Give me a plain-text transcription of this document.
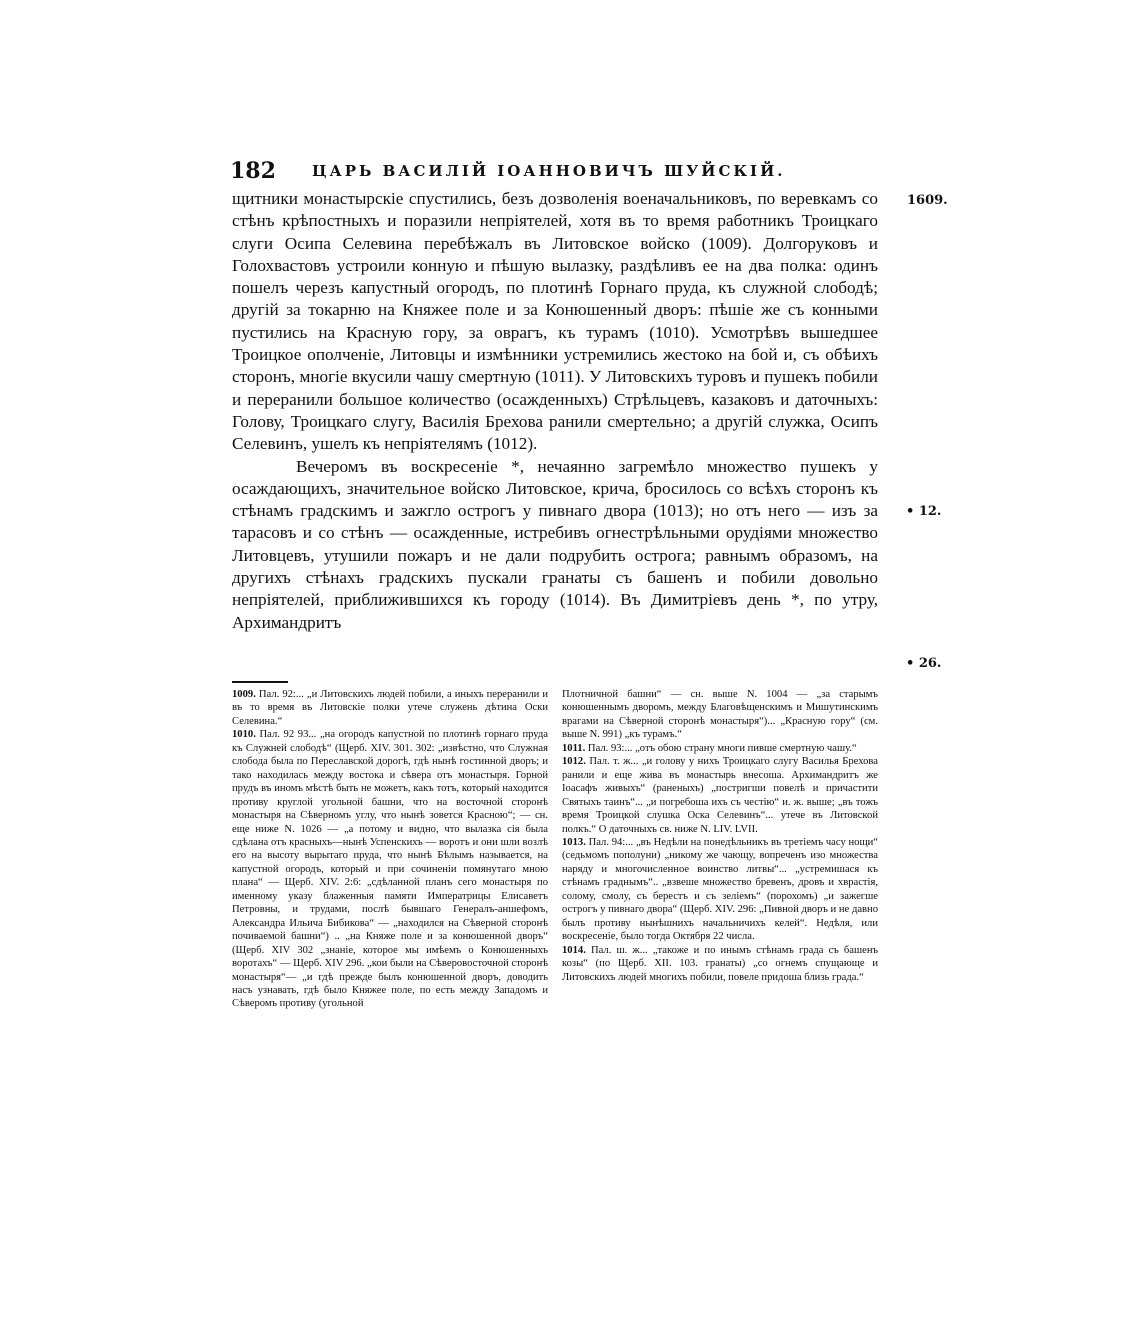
182 ЦАРЬ ВАСИЛІЙ ІОАННОВИЧЪ ШУЙСКІЙ.
1609.
• 12.
• 26.

щитники монастырскіе спустились, безъ дозволенія военачальниковъ, по веревкамъ со стѣнъ крѣпостныхъ и поразили непріятелей, хотя въ то время работникъ Троицкаго слуги Осипа Селевина перебѣжалъ въ Литовское войско (1009). Долгоруковъ и Голохвастовъ устроили конную и пѣшую вылазку, раздѣливъ ее на два полка: одинъ пошелъ черезъ капустный огородъ, по плотинѣ Горнаго пруда, къ служной слободѣ; другій за токарню на Княжее поле и за Конюшенный дворъ: пѣшіе же съ конными пустились на Красную гору, за оврагъ, къ турамъ (1010). Усмотрѣвъ вышедшее Троицкое ополченіе, Литовцы и измѣнники устремились жестоко на бой и, съ обѣихъ сторонъ, многіе вкусили чашу смертную (1011). У Литовскихъ туровъ и пушекъ побили и переранили большое количество (осажденныхъ) Стрѣльцевъ, казаковъ и даточныхъ: Голову, Троицкаго слугу, Василія Брехова ранили смертельно; а другій служка, Осипъ Селевинъ, ушелъ къ непріятелямъ (1012).

Вечеромъ въ воскресеніе *, нечаянно загремѣло множество пушекъ у осаждающихъ, значительное войско Литовское, крича, бросилось со всѣхъ сторонъ къ стѣнамъ градскимъ и зажгло острогъ у пивнаго двора (1013); но отъ него — изъ за тарасовъ и со стѣнъ — осажденные, истребивъ огнестрѣльными орудіями множество Литовцевъ, утушили пожаръ и не дали подрубить острога; равнымъ образомъ, на другихъ стѣнахъ градскихъ пускали гранаты съ башенъ и побили довольно непріятелей, приближившихся къ городу (1014). Въ Димитріевъ день *, по утру, Архимандритъ

1009. Пал. 92:... „и Литовскихъ людей побили, а иныхъ переранили и въ то время въ Литовскіе полки утече служень дѣтина Оски Селевина.“

1010. Пал. 92 93... „на огородъ капустной по плотинѣ горнаго пруда къ Служней слободѣ“ (Щерб. XIV. 301. 302: „извѣстно, что Служная слобода была по Переславской дорогѣ, гдѣ нынѣ гостинной дворъ; и тако находилась между востока и сѣвера отъ монастыря. Горной прудъ въ иномъ мѣстѣ быть не можетъ, какъ тотъ, который находится противу круглой угольной башни, что на восточной сторонѣ монастыря на Сѣверномъ углу, что нынѣ зовется Красною“; — сн. еще ниже N. 1026 — „а потому и видно, что вылазка сія была сдѣлана отъ красныхъ—нынѣ Успенскихъ — воротъ и они шли возлѣ его на высоту вырытаго пруда, что нынѣ Бѣлымъ называется, на капустной огородъ, который и при сочиненіи помянутаго мною плана“ — Щерб. XIV. 2:6: „сдѣланной планъ сего монастыря по именному указу блаженныя памяти Императрицы Елисаветъ Петровны, и трудами, послѣ бывшаго Генералъ-аншефомъ, Александра Ильича Бибикова“ — „находился на Сѣверной сторонѣ почиваемой башни“) .. „на Княже поле и за конюшенной дворъ“ (Щерб. XIV 302 „знаніе, которое мы имѣемъ о Конюшенныхъ воротахъ“ — Щерб. XIV 296. „кои были на Сѣверовосточной сторонѣ монастыря“— „и гдѣ прежде былъ конюшенной дворъ, доводить насъ узнавать, гдѣ было Княжее поле, по есть между Западомъ и Сѣверомъ противу (угольной

Плотничной башни“ — сн. выше N. 1004 — „за старымъ конюшеннымъ дворомъ, между Благовѣщенскимъ и Мишутинскимъ врагами на Сѣверной сторонѣ монастыря“)... „Красную гору“ (см. выше N. 991) „къ турамъ.“

1011. Пал. 93:... „отъ обою страну многи пивше смертную чашу.“

1012. Пал. т. ж... „и голову у нихъ Троицкаго слугу Василья Брехова ранили и еще жива въ монастырь внесоша. Архимандритъ же Іоасафъ живыхъ“ (раненыхъ) „постригши повелѣ и причастити Святыхъ таинъ“... „и погребоша ихъ съ честію“ и. ж. выше; „въ тожъ время Троицкой слушка Оска Селевинъ“... утече въ Литовской полкъ.“ О даточныхъ св. ниже N. LIV. LVII.

1013. Пал. 94:... „въ Недѣли на понедѣльникъ въ третіемъ часу нощи“ (седьмомъ пополуни) „никому же чающу, вопреченъ изо множества наряду и многочисленное воинство литвы“... „устремишася къ стѣнамъ граднымъ“.. „взвеше множество бревенъ, дровъ и хврастія, солому, смолу, съ берестъ и съ зелiемъ“ (порохомъ) „и зажегше острогъ у пивнаго двора“ (Щерб. XIV. 296: „Пивной дворъ и не давно былъ противу нынѣшнихъ начальничихъ келей“. Недѣля, или воскресеніе, было тогда Октября 22 числа.

1014. Пал. ш. ж... „такоже и по инымъ стѣнамъ града съ башенъ козы“ (по Щерб. XII. 103. гранаты) „со огнемъ спущающе и Литовскихъ людей многихъ побили, повеле придоша близь града.“
